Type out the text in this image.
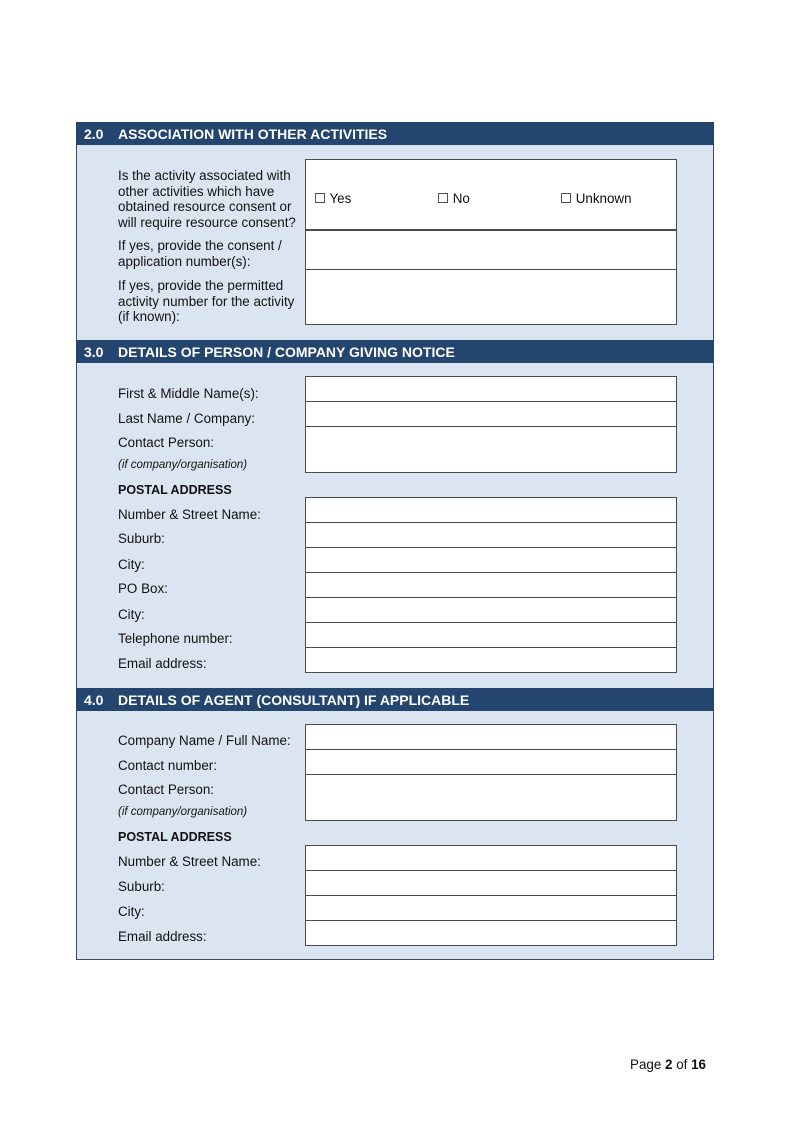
2.0 ASSOCIATION WITH OTHER ACTIVITIES
Is the activity associated with
other activities which have
obtained resource consent or
will require resource consent?
☐ Yes	☐ No	☐ Unknown
If yes, provide the consent /
application number(s):
If yes, provide the permitted
activity number for the activity
(if known):
3.0 DETAILS OF PERSON / COMPANY GIVING NOTICE
First & Middle Name(s):
Last Name / Company:
Contact Person:
(if company/organisation)
POSTAL ADDRESS
Number & Street Name:
Suburb:
City:
PO Box:
City:
Telephone number:
Email address:
4.0 DETAILS OF AGENT (CONSULTANT) IF APPLICABLE
Company Name / Full Name:
Contact number:
Contact Person:
(if company/organisation)
POSTAL ADDRESS
Number & Street Name:
Suburb:
City:
Email address:
Page 2 of 16
